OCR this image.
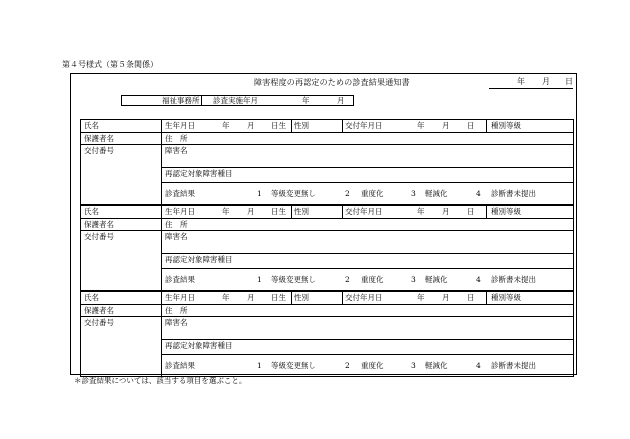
第４号様式（第５条関係）
障害程度の再認定のための診査結果通知書	年 月 日
福祉事務所 診査実施年月	年	月
氏名	生年月日	年 月 日生 性別	交付年月日	年 月 日 種別等級
保護者名	住　所
交付番号	障害名
再認定対象障害種目
診査結果	1 等級変更無し	2 重度化	3 軽減化	4 診断書未提出
氏名	生年月日	年 月 日生 性別	交付年月日	年 月 日 種別等級
保護者名	住　所
交付番号	障害名
再認定対象障害種目
診査結果	1 等級変更無し	2 重度化	3 軽減化	4 診断書未提出
氏名	生年月日	年 月 日生 性別	交付年月日	年 月 日 種別等級
保護者名	住　所
交付番号	障害名
再認定対象障害種目
診査結果	1 等級変更無し	2 重度化	3 軽減化	4 診断書未提出
＊診査結果については、該当する項目を選ぶこと。
